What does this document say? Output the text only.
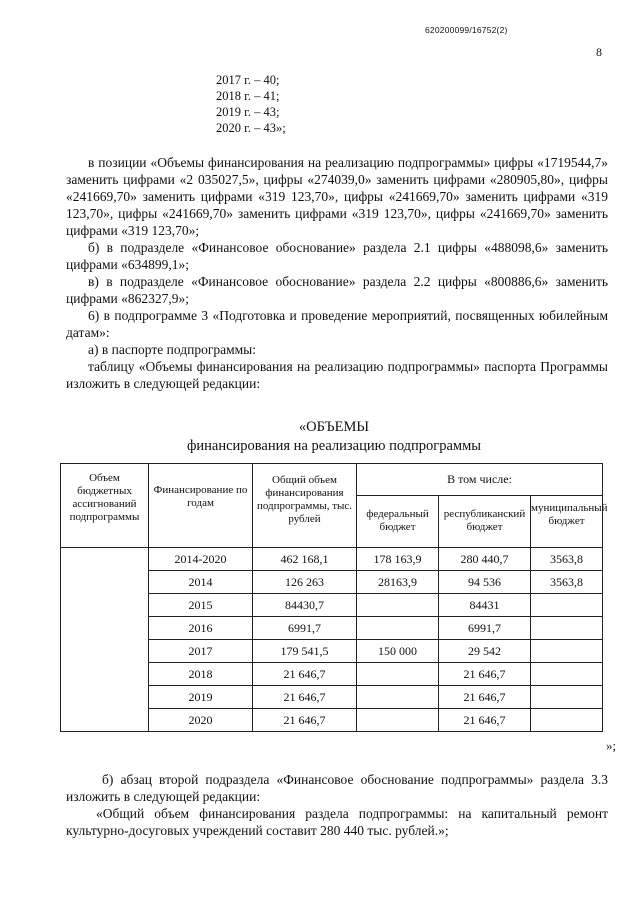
620200099/16752(2)
8
2017 г. – 40;
2018 г. – 41;
2019 г. – 43;
2020 г. – 43»;

в позиции «Объемы финансирования на реализацию подпрограммы» цифры «1719544,7» заменить цифрами «2 035027,5», цифры «274039,0» заменить цифрами «280905,80», цифры «241669,70» заменить цифрами «319 123,70», цифры «241669,70» заменить цифрами «319 123,70», цифры «241669,70» заменить цифрами «319 123,70», цифры «241669,70» заменить цифрами «319 123,70»;

б) в подразделе «Финансовое обоснование» раздела 2.1 цифры «488098,6» заменить цифрами «634899,1»;

в) в подразделе «Финансовое обоснование» раздела 2.2 цифры «800886,6» заменить цифрами «862327,9»;

6) в подпрограмме 3 «Подготовка и проведение мероприятий, посвященных юбилейным датам»:

а) в паспорте подпрограммы:

таблицу «Объемы финансирования на реализацию подпрограммы» паспорта Программы изложить в следующей редакции:

«ОБЪЕМЫ
финансирования на реализацию подпрограммы
Объем бюджетных ассигнований подпрограммы	Финансирование по годам	Общий объем финансирования подпрограммы, тыс. рублей	В том числе:		
			федеральный бюджет	республиканский бюджет	муниципальный бюджет
	2014-2020	462 168,1	178 163,9	280 440,7	3563,8
	2014	126 263	28163,9	94 536	3563,8
	2015	84430,7		84431	
	2016	6991,7		6991,7	
	2017	179 541,5	150 000	29 542	
	2018	21 646,7		21 646,7	
	2019	21 646,7		21 646,7	
	2020	21 646,7		21 646,7	
»;

б) абзац второй подраздела «Финансовое обоснование подпрограммы» раздела 3.3 изложить в следующей редакции:

«Общий объем финансирования раздела подпрограммы: на капитальный ремонт культурно-досуговых учреждений составит 280 440 тыс. рублей.»;
